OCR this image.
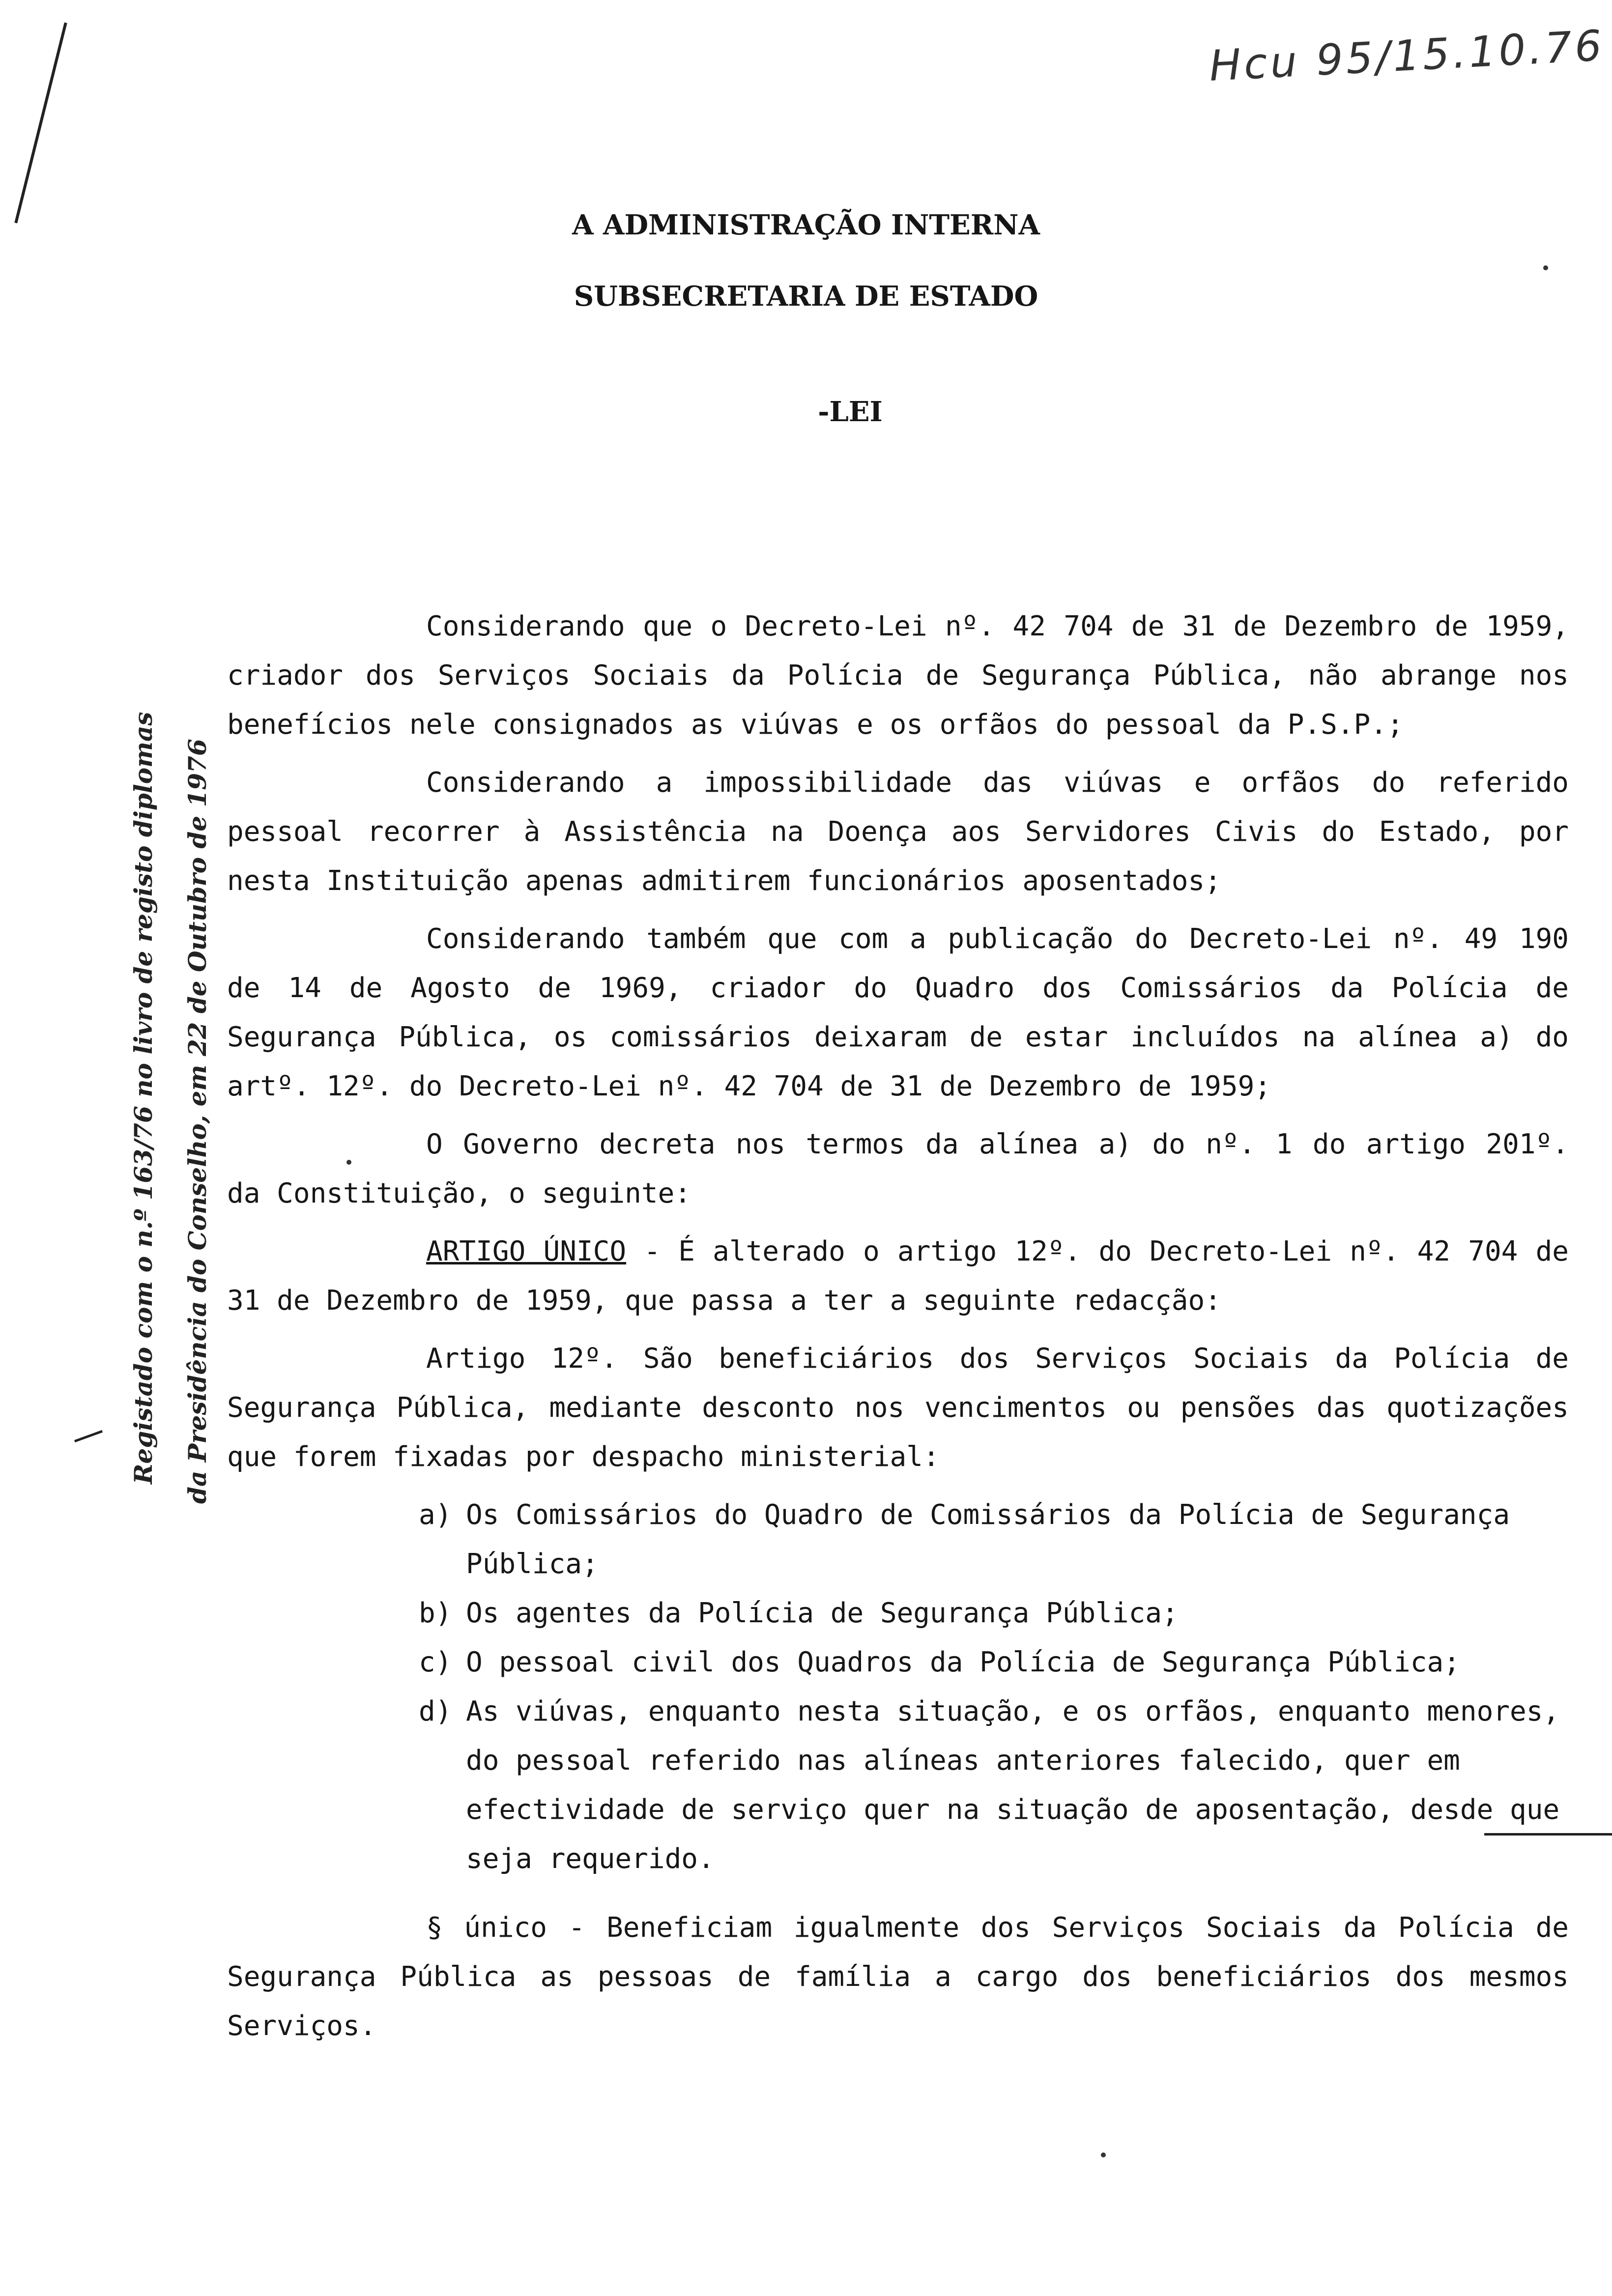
Hcu 95/15.10.76
A ADMINISTRAÇÃO INTERNA
SUBSECRETARIA DE ESTADO
-LEI

Considerando que o Decreto-Lei nº. 42 704 de 31 de Dezembro de 1959, criador dos Serviços Sociais da Polícia de Segurança Pública, não abrange nos benefícios nele consignados as viúvas e os orfãos do pessoal da P.S.P.;

Considerando a impossibilidade das viúvas e orfãos do referido pessoal recorrer à Assistência na Doença aos Servidores Civis do Estado, por nesta Instituição apenas admitirem funcionários aposentados;

Considerando também que com a publicação do Decreto-Lei nº. 49 190 de 14 de Agosto de 1969, criador do Quadro dos Comissários da Polícia de Segurança Pública, os comissários deixaram de estar incluídos na alínea a) do artº. 12º. do Decreto-Lei nº. 42 704 de 31 de Dezembro de 1959;

O Governo decreta nos termos da alínea a) do nº. 1 do artigo 201º. da Constituição, o seguinte:

ARTIGO ÚNICO - É alterado o artigo 12º. do Decreto-Lei nº. 42 704 de 31 de Dezembro de 1959, que passa a ter a seguinte redacção:

Artigo 12º. São beneficiários dos Serviços Sociais da Polícia de Segurança Pública, mediante desconto nos vencimentos ou pensões das quotizações que forem fixadas por despacho ministerial:

a) Os Comissários do Quadro de Comissários da Polícia de Segurança Pública;
b) Os agentes da Polícia de Segurança Pública;
c) O pessoal civil dos Quadros da Polícia de Segurança Pública;
d) As viúvas, enquanto nesta situação, e os orfãos, enquanto menores, do pessoal referido nas alíneas anteriores falecido, quer em efectividade de serviço quer na situação de aposentação, desde que seja requerido.

§ único - Beneficiam igualmente dos Serviços Sociais da Polícia de Segurança Pública as pessoas de família a cargo dos beneficiários dos mesmos Serviços.

Registado com o n.º 163/76 no livro de registo diplomas da Presidência do Conselho, em 22 de Outubro de 1976
